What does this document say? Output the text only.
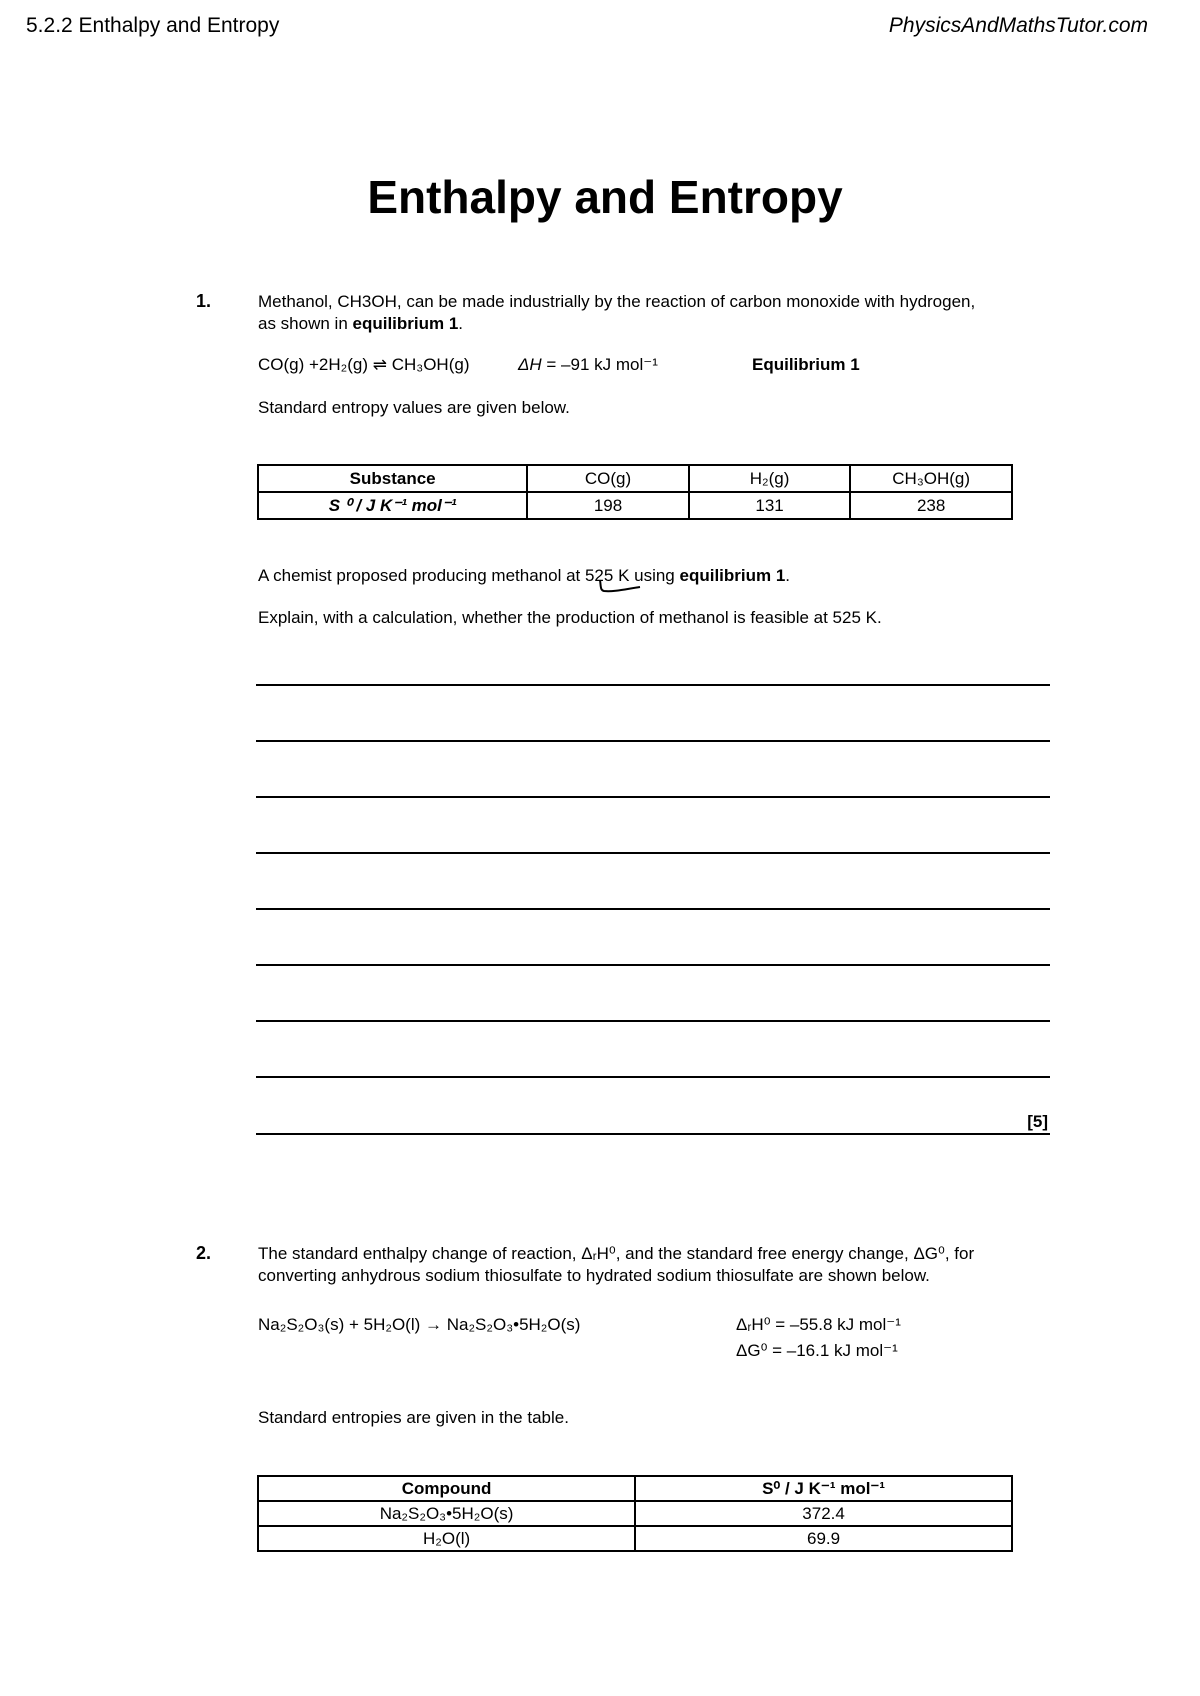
5.2.2 Enthalpy and Entropy	PhysicsAndMathsTutor.com
Enthalpy and Entropy
1.	Methanol, CH3OH, can be made industrially by the reaction of carbon monoxide with hydrogen,
as shown in equilibrium 1.
CO(g) +2H₂(g) ⇌ CH₃OH(g)	ΔH = –91 kJ mol⁻¹	Equilibrium 1
Standard entropy values are given below.
Substance	CO(g)	H₂(g)	CH₃OH(g)
S ⁰ / J K⁻¹ mol⁻¹	198	131	238
A chemist proposed producing methanol at 525 K using equilibrium 1.
Explain, with a calculation, whether the production of methanol is feasible at 525 K.
[5]
2.	The standard enthalpy change of reaction, ΔᵣH⁰, and the standard free energy change, ΔG⁰, for
converting anhydrous sodium thiosulfate to hydrated sodium thiosulfate are shown below.
Na₂S₂O₃(s) + 5H₂O(l) → Na₂S₂O₃•5H₂O(s)	ΔᵣH⁰ = –55.8 kJ mol⁻¹
ΔG⁰ = –16.1 kJ mol⁻¹
Standard entropies are given in the table.
Compound	S⁰ / J K⁻¹ mol⁻¹
Na₂S₂O₃•5H₂O(s)	372.4
H₂O(l)	69.9
